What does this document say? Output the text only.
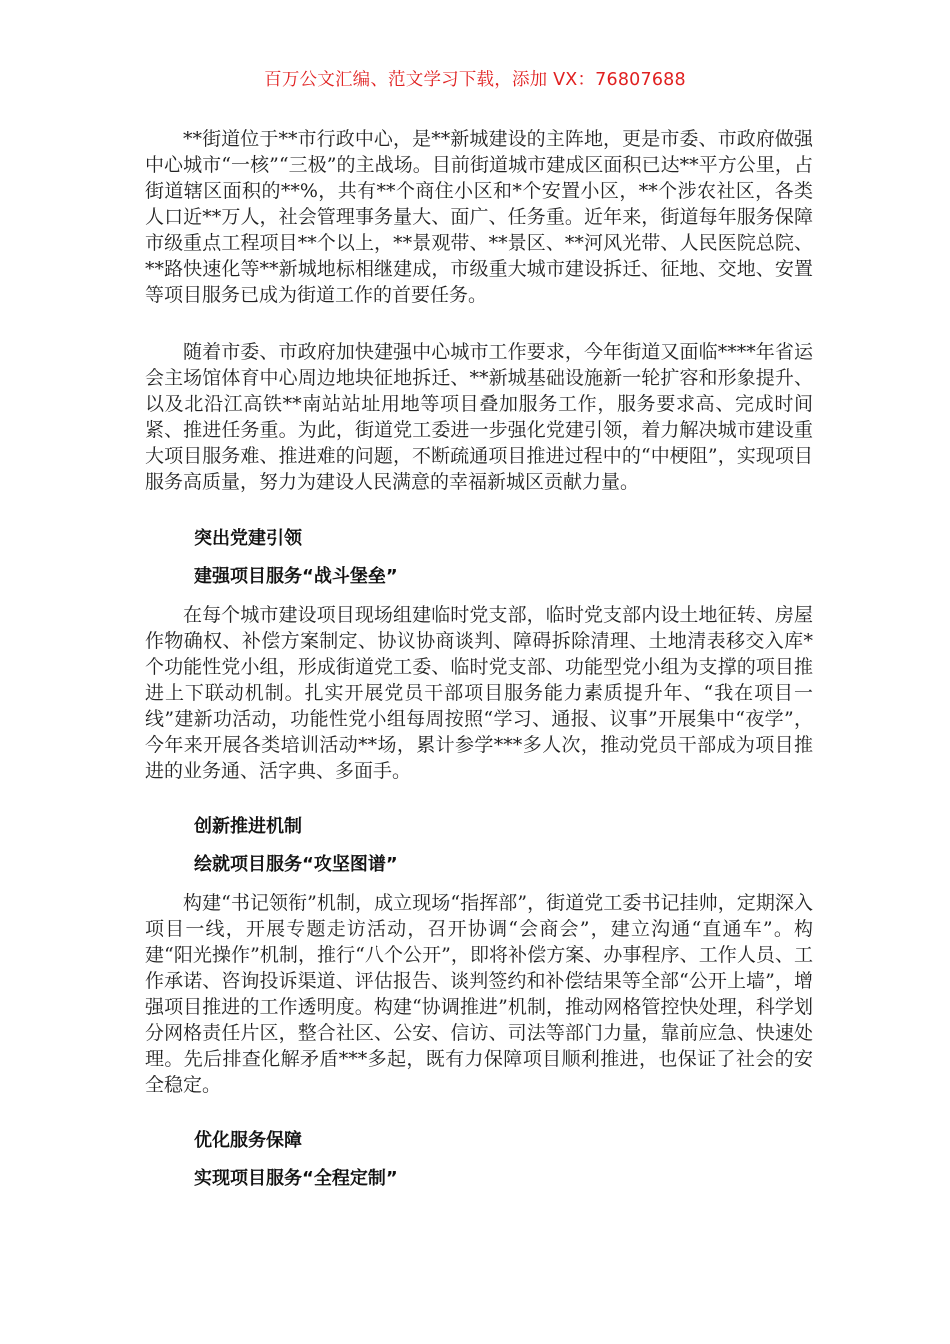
百万公文汇编、范文学习下载，添加 VX：76807688

**街道位于**市行政中心，是**新城建设的主阵地，更是市委、市政府做强中心城市“一核”“三极”的主战场。目前街道城市建成区面积已达**平方公里，占街道辖区面积的**%，共有**个商住小区和*个安置小区，**个涉农社区，各类人口近**万人，社会管理事务量大、面广、任务重。近年来，街道每年服务保障市级重点工程项目**个以上，**景观带、**景区、**河风光带、人民医院总院、**路快速化等**新城地标相继建成，市级重大城市建设拆迁、征地、交地、安置等项目服务已成为街道工作的首要任务。

随着市委、市政府加快建强中心城市工作要求，今年街道又面临****年省运会主场馆体育中心周边地块征地拆迁、**新城基础设施新一轮扩容和形象提升、以及北沿江高铁**南站站址用地等项目叠加服务工作，服务要求高、完成时间紧、推进任务重。为此，街道党工委进一步强化党建引领，着力解决城市建设重大项目服务难、推进难的问题，不断疏通项目推进过程中的“中梗阻”，实现项目服务高质量，努力为建设人民满意的幸福新城区贡献力量。

突出党建引领
建强项目服务“战斗堡垒”

在每个城市建设项目现场组建临时党支部，临时党支部内设土地征转、房屋作物确权、补偿方案制定、协议协商谈判、障碍拆除清理、土地清表移交入库*个功能性党小组，形成街道党工委、临时党支部、功能型党小组为支撑的项目推进上下联动机制。扎实开展党员干部项目服务能力素质提升年、“我在项目一线”建新功活动，功能性党小组每周按照“学习、通报、议事”开展集中“夜学”，今年来开展各类培训活动**场，累计参学***多人次，推动党员干部成为项目推进的业务通、活字典、多面手。

创新推进机制
绘就项目服务“攻坚图谱”

构建“书记领衔”机制，成立现场“指挥部”，街道党工委书记挂帅，定期深入项目一线，开展专题走访活动，召开协调“会商会”，建立沟通“直通车”。构建“阳光操作”机制，推行“八个公开”，即将补偿方案、办事程序、工作人员、工作承诺、咨询投诉渠道、评估报告、谈判签约和补偿结果等全部“公开上墙”，增强项目推进的工作透明度。构建“协调推进”机制，推动网格管控快处理，科学划分网格责任片区，整合社区、公安、信访、司法等部门力量，靠前应急、快速处理。先后排查化解矛盾***多起，既有力保障项目顺利推进，也保证了社会的安全稳定。

优化服务保障
实现项目服务“全程定制”
